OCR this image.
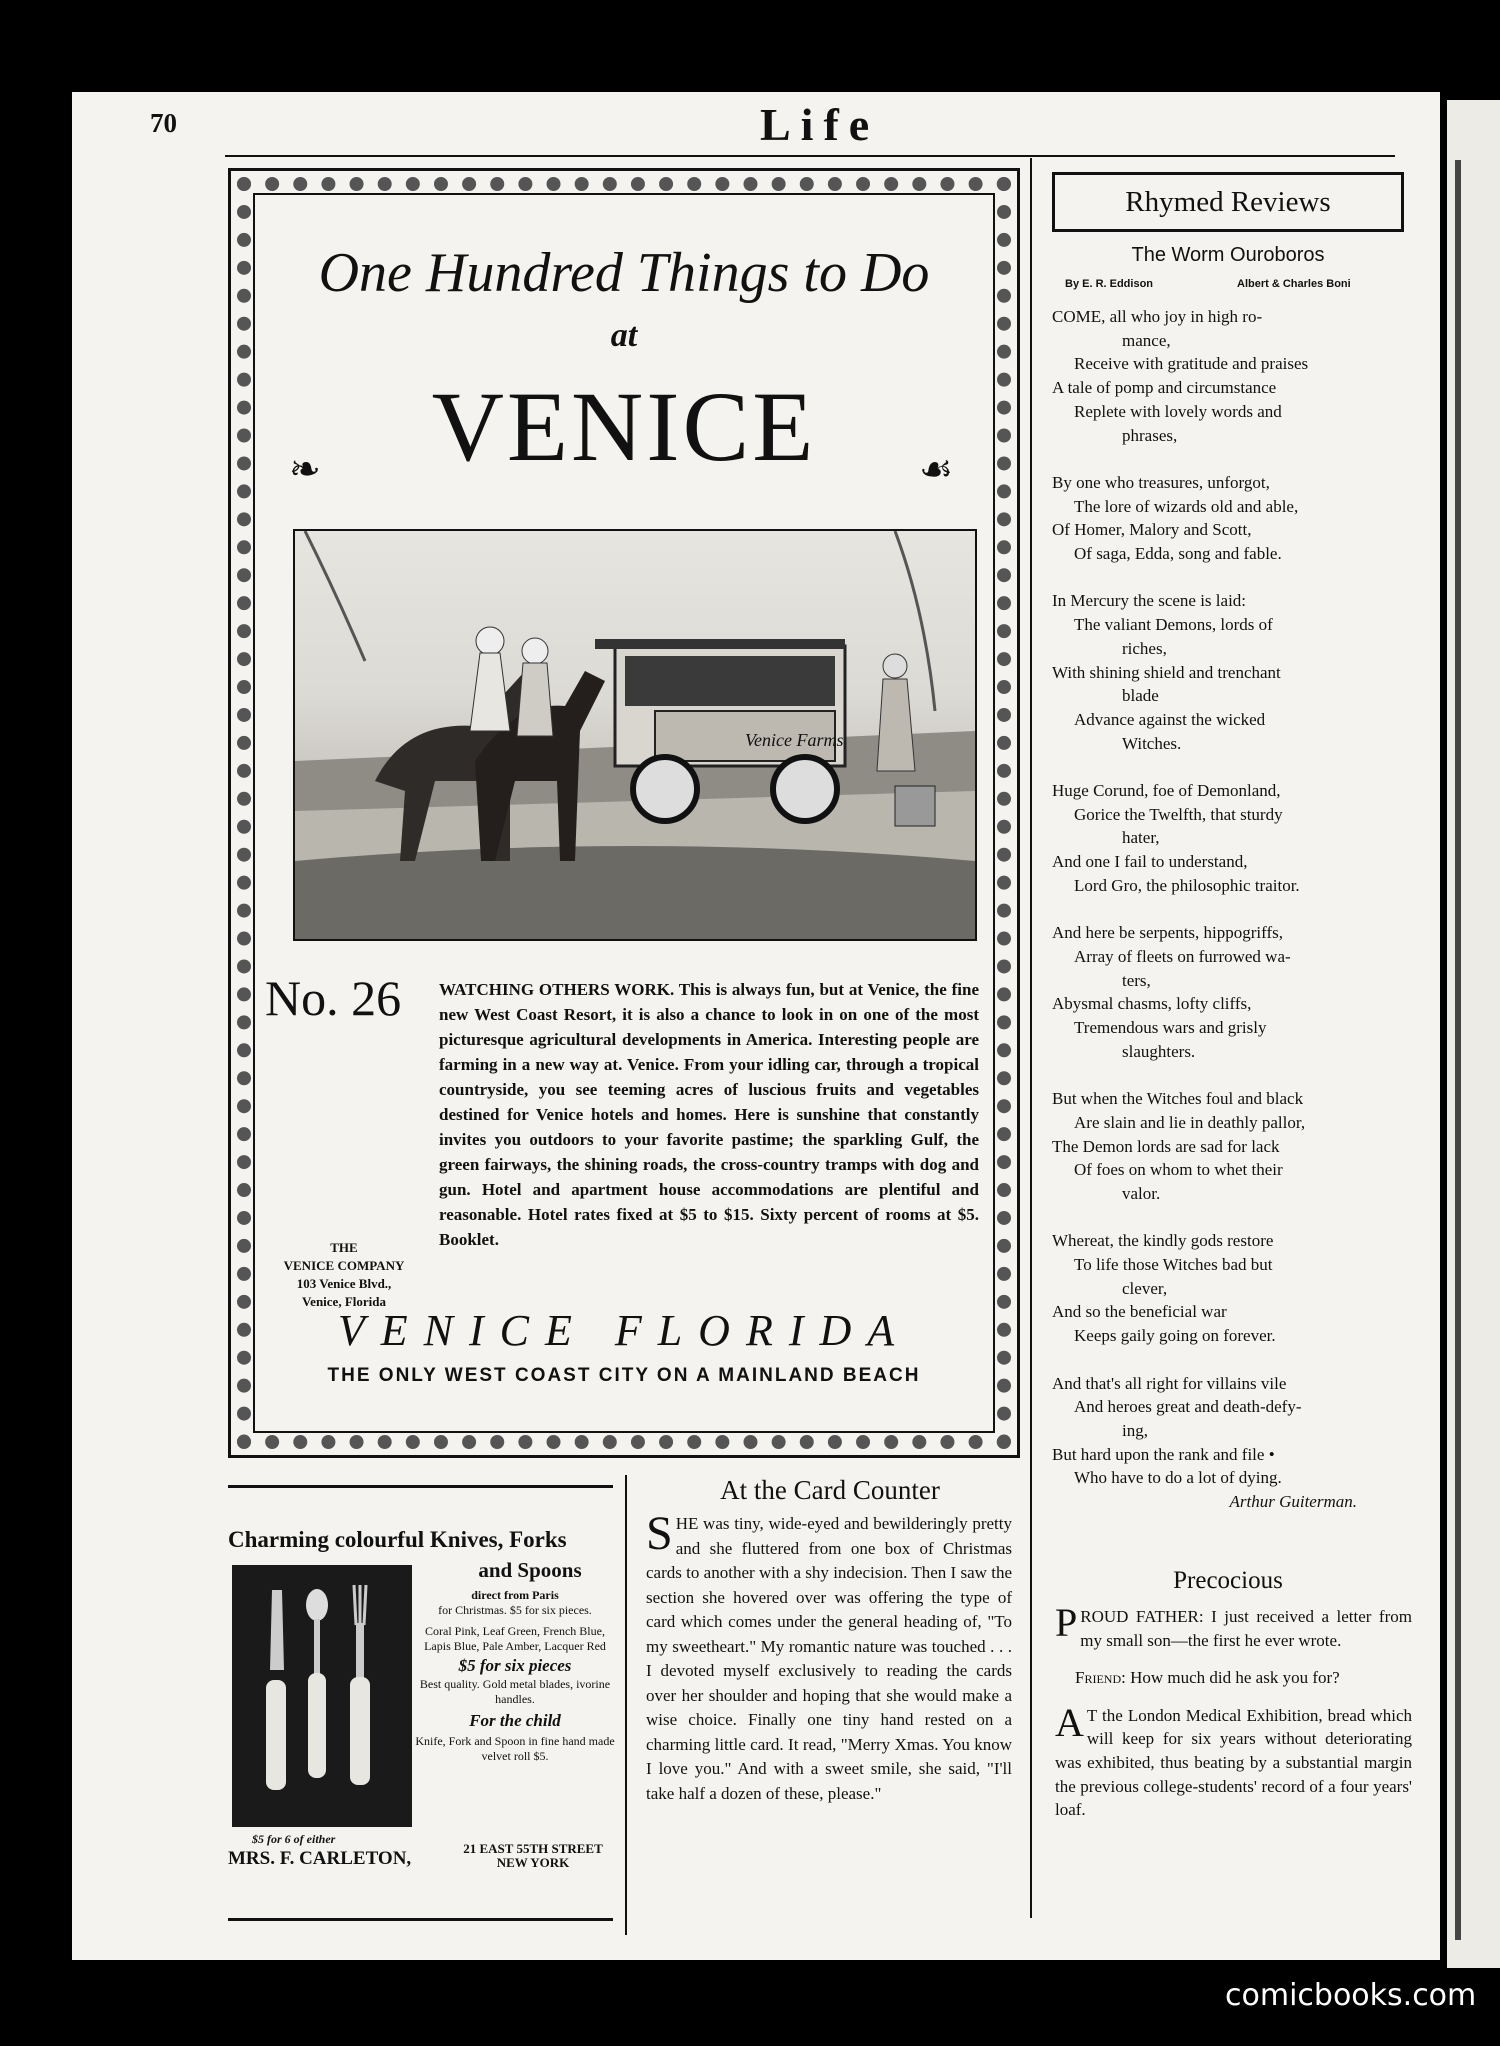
70	Life
One Hundred Things to Do
at
VENICE
❧	☙
Venice Farms
No. 26 WATCHING OTHERS WORK. This is always fun, but at Venice, the fine new West Coast Resort, it is also a chance to look in on one of the most picturesque agricultural developments in America. Interesting people are farming in a new way at. Venice. From your idling car, through a tropical countryside, you see teeming acres of luscious fruits and vegetables destined for Venice hotels and homes. Here is sunshine that constantly invites you outdoors to your favorite pastime; the sparkling Gulf, the green fairways, the shining roads, the cross-country tramps with dog and gun. Hotel and apartment house accommodations are plentiful and reasonable. Hotel rates fixed at $5 to $15. Sixty percent of rooms at $5. Booklet.
THE
VENICE COMPANY
103 Venice Blvd.,
Venice, Florida
VENICE FLORIDA
THE ONLY WEST COAST CITY ON A MAINLAND BEACH
Charming colourful Knives, Forks
and Spoons
direct from Paris
for Christmas. $5 for six pieces.
Coral Pink, Leaf Green, French Blue, Lapis Blue, Pale Amber, Lacquer Red
$5 for six pieces
Best quality. Gold metal blades, ivorine handles.
For the child
Knife, Fork and Spoon in fine hand made velvet roll $5.
$5 for 6 of either
MRS. F. CARLETON,	21 EAST 55TH STREET
NEW YORK
At the Card Counter
SHE was tiny, wide-eyed and bewilderingly pretty and she fluttered from one box of Christmas cards to another with a shy indecision. Then I saw the section she hovered over was offering the type of card which comes under the general heading of, "To my sweetheart." My romantic nature was touched . . . I devoted myself exclusively to reading the cards over her shoulder and hoping that she would make a wise choice. Finally one tiny hand rested on a charming little card. It read, "Merry Xmas. You know I love you." And with a sweet smile, she said, "I'll take half a dozen of these, please."
Rhymed Reviews
The Worm Ouroboros
By E. R. Eddison	Albert & Charles Boni
COME, all who joy in high ro-
mance,
Receive with gratitude and praises
A tale of pomp and circumstance
Replete with lovely words and
phrases,
By one who treasures, unforgot,
The lore of wizards old and able,
Of Homer, Malory and Scott,
Of saga, Edda, song and fable.
In Mercury the scene is laid:
The valiant Demons, lords of
riches,
With shining shield and trenchant
blade
Advance against the wicked
Witches.
Huge Corund, foe of Demonland,
Gorice the Twelfth, that sturdy
hater,
And one I fail to understand,
Lord Gro, the philosophic traitor.
And here be serpents, hippogriffs,
Array of fleets on furrowed wa-
ters,
Abysmal chasms, lofty cliffs,
Tremendous wars and grisly
slaughters.
But when the Witches foul and black
Are slain and lie in deathly pallor,
The Demon lords are sad for lack
Of foes on whom to whet their
valor.
Whereat, the kindly gods restore
To life those Witches bad but
clever,
And so the beneficial war
Keeps gaily going on forever.
And that's all right for villains vile
And heroes great and death-defy-
ing,
But hard upon the rank and file •
Who have to do a lot of dying.
Arthur Guiterman.
Precocious

PROUD FATHER: I just received a letter from my small son—the first he ever wrote.

Friend: How much did he ask you for?

A T the London Medical Exhibition, bread which will keep for six years without deteriorating was exhibited, thus beating by a substantial margin the previous college-students' record of a four years' loaf.

comicbooks.com
